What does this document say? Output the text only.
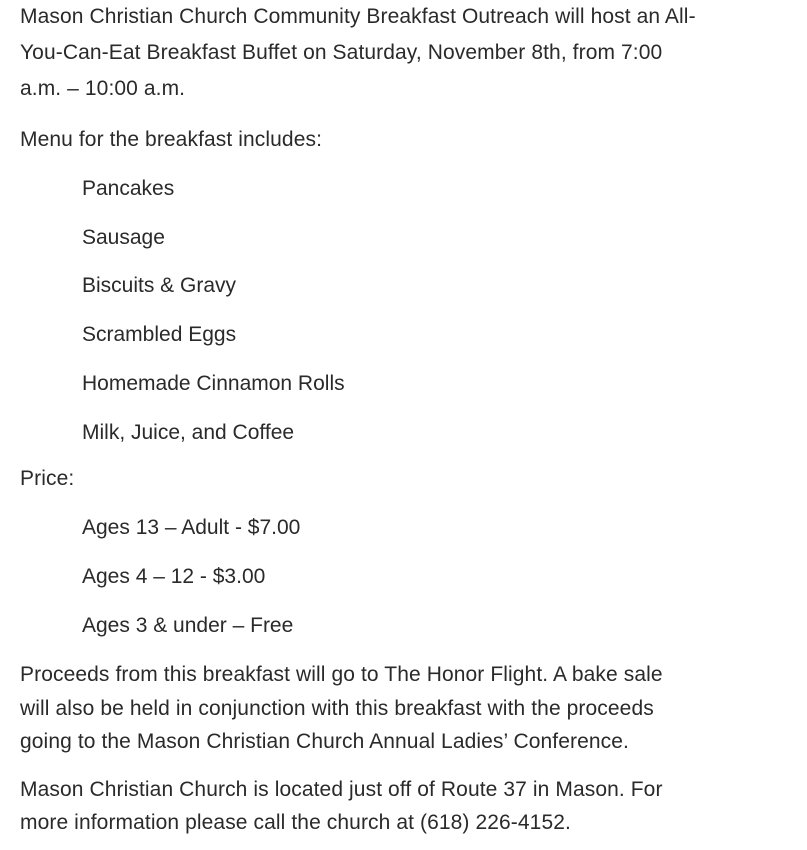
Mason Christian Church Community Breakfast Outreach will host an All-
You-Can-Eat Breakfast Buffet on Saturday, November 8th, from 7:00
a.m. – 10:00 a.m.
Menu for the breakfast includes:
Pancakes
Sausage
Biscuits & Gravy
Scrambled Eggs
Homemade Cinnamon Rolls
Milk, Juice, and Coffee
Price:
Ages 13 – Adult - $7.00
Ages 4 – 12 - $3.00
Ages 3 & under – Free
Proceeds from this breakfast will go to The Honor Flight. A bake sale
will also be held in conjunction with this breakfast with the proceeds
going to the Mason Christian Church Annual Ladies’ Conference.
Mason Christian Church is located just off of Route 37 in Mason. For
more information please call the church at (618) 226-4152.
